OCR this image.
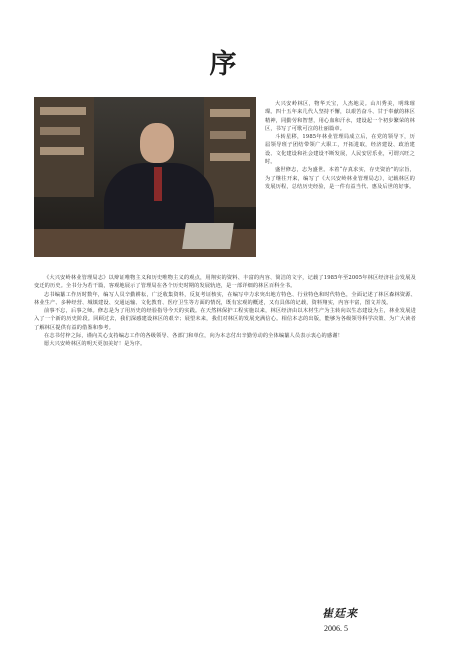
序

大兴安岭林区，物华天宝，人杰地灵。山川秀美，明珠璀璨。四十五年来几代人坚持不懈，以艰苦奋斗、甘于奉献的林区精神，同勤劳和智慧，用心血和汗水，建设起一个初步繁荣的林区，书写了可歌可泣的壮丽篇章。

斗转星移，1985年林业管理局成立后，在党的领导下，历届领导班子团结带领广大职工，开拓进取，经济建设、政治建设、文化建设和社会建设不断发展，人民安居乐业，可谓兴旺之时。

盛世修志，志为盛世。本着“存真求实，存史资治”的宗旨，为了继往开来，编写了《大兴安岭林业管理局志》，记载林区的发展历程，总结历史经验，是一件有益当代、惠及后世的好事。

《大兴安岭林业管理局志》以辩证唯物主义和历史唯物主义的观点，用翔实的资料、丰富的内容、简洁的文字，记载了1985年至2005年林区经济社会发展及变迁的历史。全书分为若干篇，客观地展示了管理局在各个历史时期的发展轨迹，是一部详细的林区百科全书。

志书编纂工作历时数年，编写人员辛勤耕耘，广泛收集资料，反复考证核实，在编写中力求突出地方特色、行业特色和时代特色，全面记述了林区森林资源、林业生产、多种经营、城镇建设、交通运输、文化教育、医疗卫生等方面的情况，既有宏观的概述，又有具体的记载，资料翔实，内容丰富，图文并茂。

前事不忘，后事之师。修志是为了用历史的经验指导今天的实践。在天然林保护工程实施以来，林区经济由以木材生产为主转向以生态建设为主，林业发展进入了一个新的历史阶段。回顾过去，我们深感建设林区的艰辛；展望未来，我们对林区的发展充满信心。相信本志的出版，能够为各级领导科学决策、为广大读者了解林区提供有益的借鉴和参考。

在志书付梓之际，谨向关心支持编志工作的各级领导、各部门和单位，向为本志付出辛勤劳动的全体编纂人员表示衷心的感谢！

愿大兴安岭林区的明天更加美好！是为序。

崔廷来
2006. 5
